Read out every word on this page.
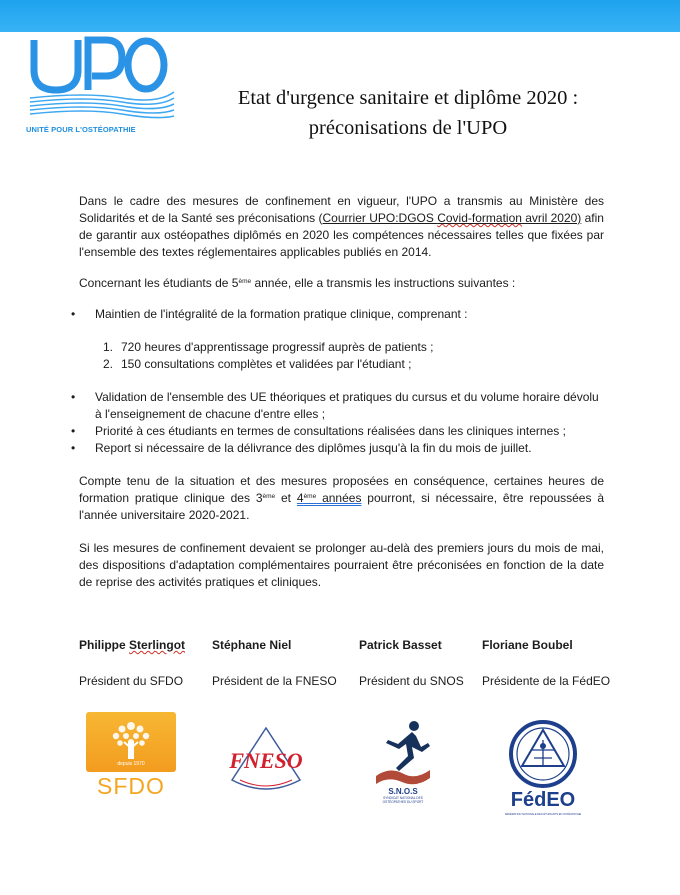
UNITÉ POUR L'OSTÉOPATHIE
Etat d'urgence sanitaire et diplôme 2020 :
préconisations de l'UPO

Dans le cadre des mesures de confinement en vigueur, l'UPO a transmis au Ministère des Solidarités et de la Santé ses préconisations (Courrier UPO:DGOS Covid-formation avril 2020) afin de garantir aux ostéopathes diplômés en 2020 les compétences nécessaires telles que fixées par l'ensemble des textes réglementaires applicables publiés en 2014.

Concernant les étudiants de 5ème année, elle a transmis les instructions suivantes :

• Maintien de l'intégralité de la formation pratique clinique, comprenant :
1. 720 heures d'apprentissage progressif auprès de patients ;
2. 150 consultations complètes et validées par l'étudiant ;
• Validation de l'ensemble des UE théoriques et pratiques du cursus et du volume horaire dévolu à l'enseignement de chacune d'entre elles ;
• Priorité à ces étudiants en termes de consultations réalisées dans les cliniques internes ;
• Report si nécessaire de la délivrance des diplômes jusqu'à la fin du mois de juillet.

Compte tenu de la situation et des mesures proposées en conséquence, certaines heures de formation pratique clinique des 3ème et 4ème années pourront, si nécessaire, être repoussées à l'année universitaire 2020-2021.

Si les mesures de confinement devaient se prolonger au-delà des premiers jours du mois de mai, des dispositions d'adaptation complémentaires pourraient être préconisées en fonction de la date de reprise des activités pratiques et cliniques.

Philippe Sterlingot
Président du SFDO
Stéphane Niel
Président de la FNESO
Patrick Basset
Président du SNOS
Floriane Boubel
Présidente de la FédEO
depuis 1970
SFDO
FNESO
S.N.O.S
SYNDICAT NATIONAL DES
OSTÉOPATHES DU SPORT	FédEO
FÉDÉRATION NATIONALE DES ÉTUDIANTS EN OSTÉOPATHIE
